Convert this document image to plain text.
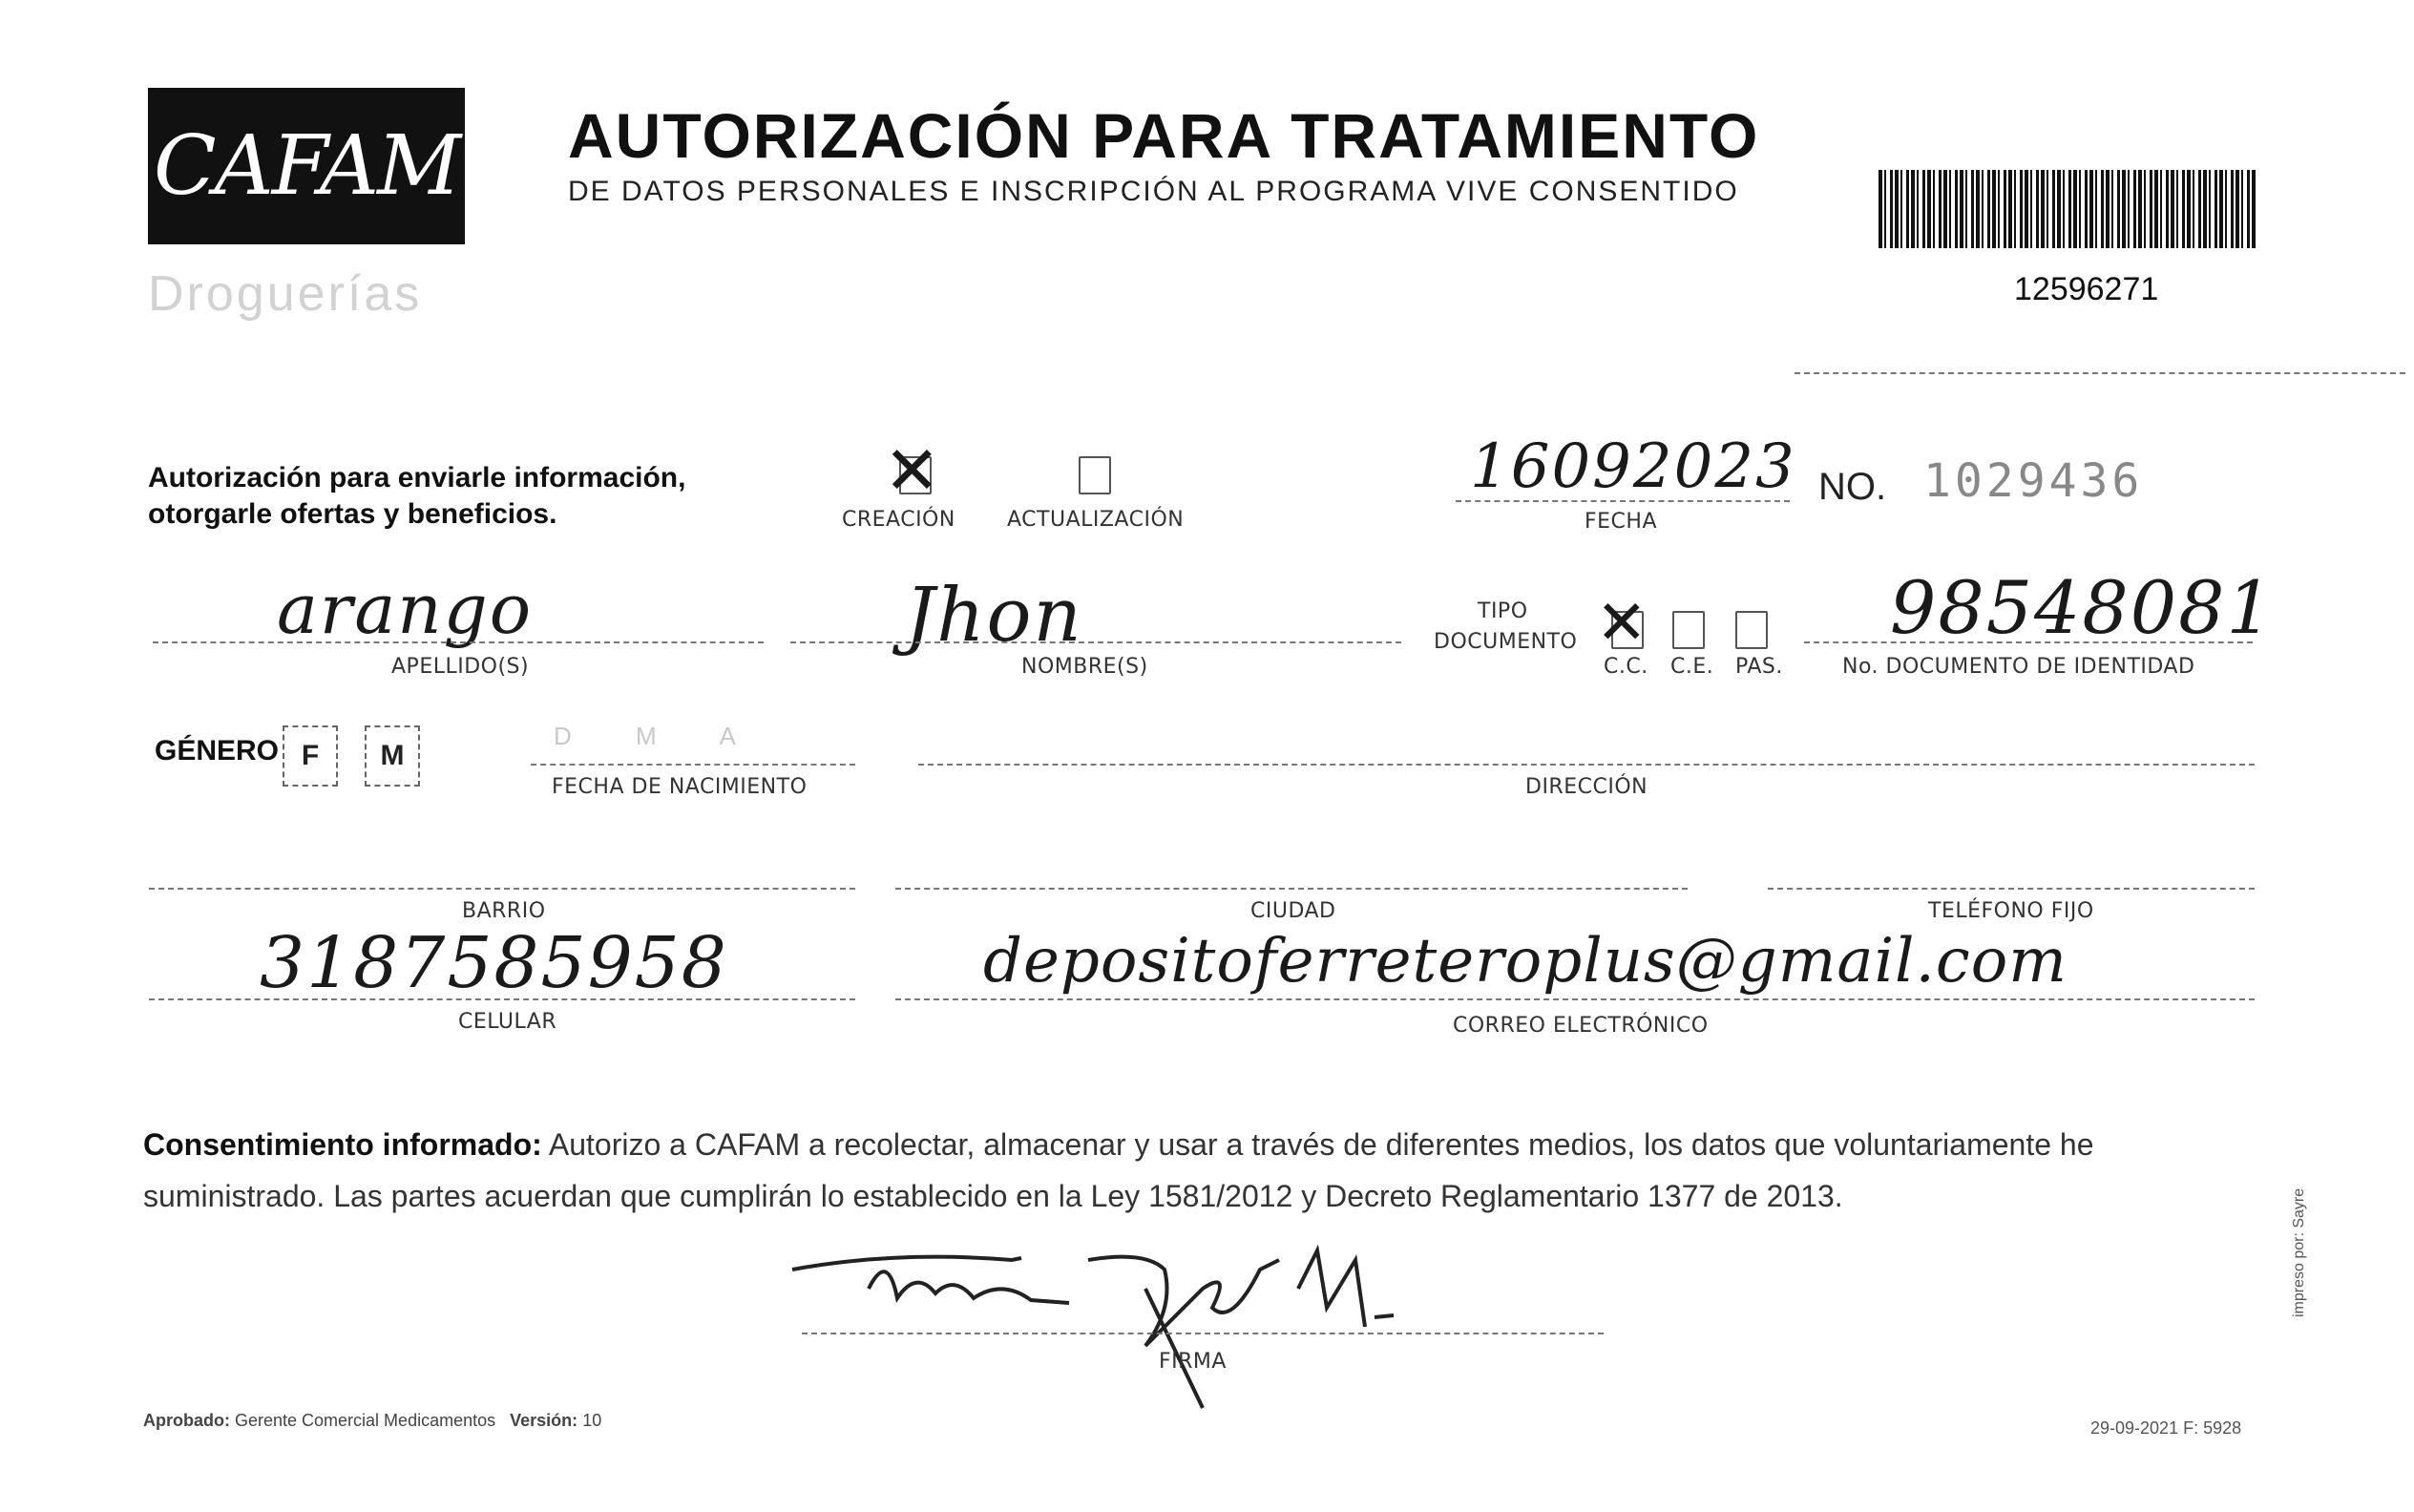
CAFAM
Droguerías
AUTORIZACIÓN PARA TRATAMIENTO
DE DATOS PERSONALES E INSCRIPCIÓN AL PROGRAMA VIVE CONSENTIDO
12596271
Autorización para enviarle información,
otorgarle ofertas y beneficios.
✕
CREACIÓN ACTUALIZACIÓN
16092023
FECHA
NO. 1029436
arango
APELLIDO(S)
Jhon
NOMBRE(S)
TIPO
DOCUMENTO ✕
C.C. C.E. PAS.
98548081
No. DOCUMENTO DE IDENTIDAD
GÉNERO F M
D M A
FECHA DE NACIMIENTO	DIRECCIÓN
BARRIO	CIUDAD	TELÉFONO FIJO
3187585958
CELULAR
depositoferreteroplus@gmail.com
CORREO ELECTRÓNICO
Consentimiento informado: Autorizo a CAFAM a recolectar, almacenar y usar a través de diferentes medios, los datos que voluntariamente he suministrado. Las partes acuerdan que cumplirán lo establecido en la Ley 1581/2012 y Decreto Reglamentario 1377 de 2013.
FIRMA
Aprobado: Gerente Comercial Medicamentos Versión: 10	29-09-2021 F: 5928
impreso por: Sayre
